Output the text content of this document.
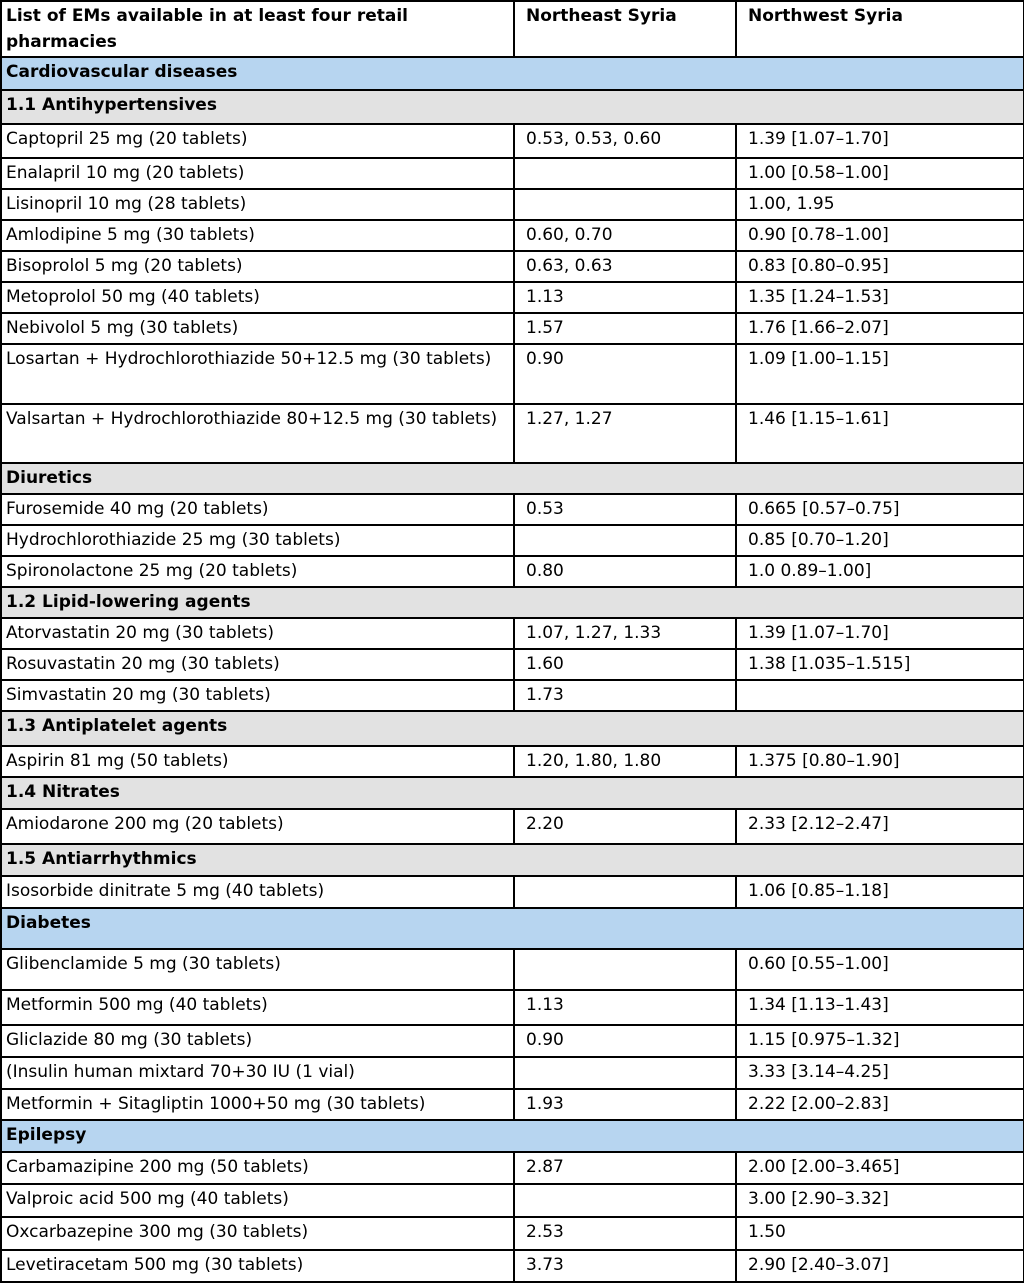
List of EMs available in at least four retail pharmacies	Northeast Syria	Northwest Syria
Cardiovascular diseases		
1.1 Antihypertensives		
Captopril 25 mg (20 tablets)	0.53, 0.53, 0.60	1.39 [1.07–1.70]
Enalapril 10 mg (20 tablets)		1.00 [0.58–1.00]
Lisinopril 10 mg (28 tablets)		1.00, 1.95
Amlodipine 5 mg (30 tablets)	0.60, 0.70	0.90 [0.78–1.00]
Bisoprolol 5 mg (20 tablets)	0.63, 0.63	0.83 [0.80–0.95]
Metoprolol 50 mg (40 tablets)	1.13	1.35 [1.24–1.53]
Nebivolol 5 mg (30 tablets)	1.57	1.76 [1.66–2.07]
Losartan + Hydrochlorothiazide 50+12.5 mg (30 tablets)	0.90	1.09 [1.00–1.15]
Valsartan + Hydrochlorothiazide 80+12.5 mg (30 tablets)	1.27, 1.27	1.46 [1.15–1.61]
Diuretics		
Furosemide 40 mg (20 tablets)	0.53	0.665 [0.57–0.75]
Hydrochlorothiazide 25 mg (30 tablets)		0.85 [0.70–1.20]
Spironolactone 25 mg (20 tablets)	0.80	1.0 0.89–1.00]
1.2 Lipid-lowering agents		
Atorvastatin 20 mg (30 tablets)	1.07, 1.27, 1.33	1.39 [1.07–1.70]
Rosuvastatin 20 mg (30 tablets)	1.60	1.38 [1.035–1.515]
Simvastatin 20 mg (30 tablets)	1.73	
1.3 Antiplatelet agents		
Aspirin 81 mg (50 tablets)	1.20, 1.80, 1.80	1.375 [0.80–1.90]
1.4 Nitrates		
Amiodarone 200 mg (20 tablets)	2.20	2.33 [2.12–2.47]
1.5 Antiarrhythmics		
Isosorbide dinitrate 5 mg (40 tablets)		1.06 [0.85–1.18]
Diabetes		
Glibenclamide 5 mg (30 tablets)		0.60 [0.55–1.00]
Metformin 500 mg (40 tablets)	1.13	1.34 [1.13–1.43]
Gliclazide 80 mg (30 tablets)	0.90	1.15 [0.975–1.32]
(Insulin human mixtard 70+30 IU (1 vial)		3.33 [3.14–4.25]
Metformin + Sitagliptin 1000+50 mg (30 tablets)	1.93	2.22 [2.00–2.83]
Epilepsy		
Carbamazipine 200 mg (50 tablets)	2.87	2.00 [2.00–3.465]
Valproic acid 500 mg (40 tablets)		3.00 [2.90–3.32]
Oxcarbazepine 300 mg (30 tablets)	2.53	1.50
Levetiracetam 500 mg (30 tablets)	3.73	2.90 [2.40–3.07]
